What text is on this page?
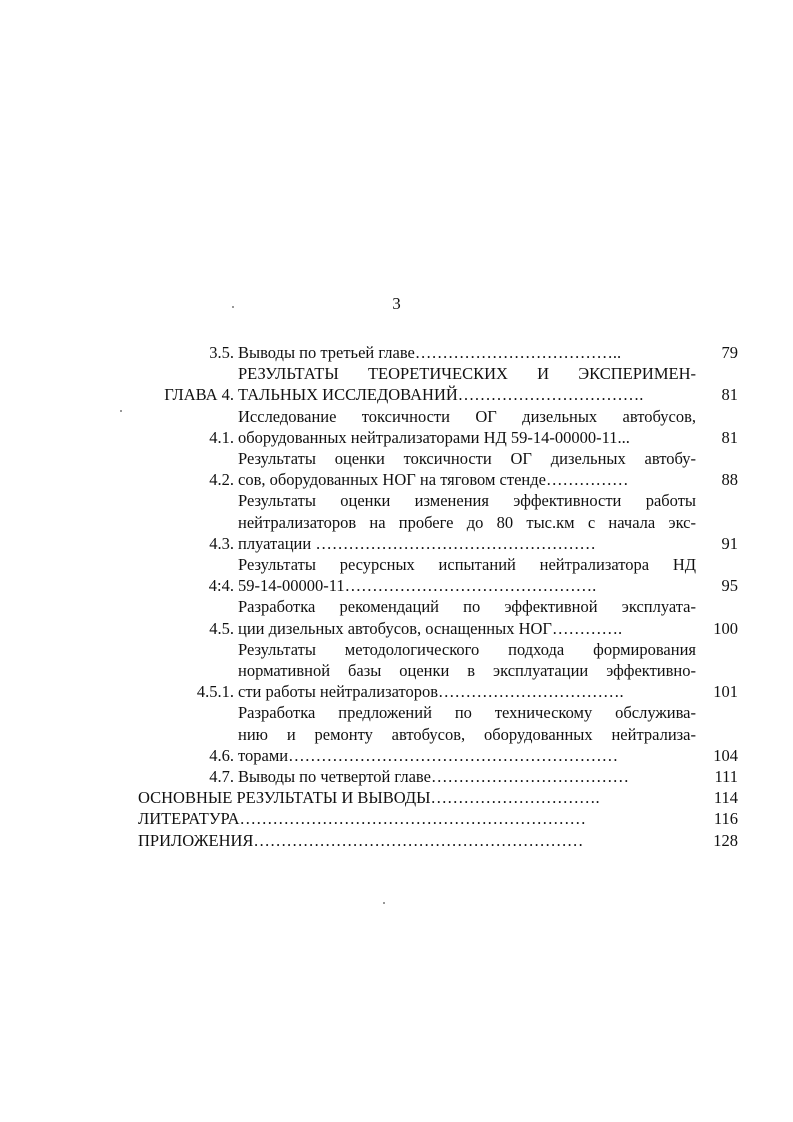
3
3.5. Выводы по третьей главе………………………………..	79
ГЛАВА 4.
РЕЗУЛЬТАТЫ ТЕОРЕТИЧЕСКИХ И ЭКСПЕРИМЕН-
ТАЛЬНЫХ ИССЛЕДОВАНИЙ…………………………….	81
4.1.
Исследование токсичности ОГ дизельных автобусов,
оборудованных нейтрализаторами НД 59-14-00000-11...	81
4.2.
Результаты оценки токсичности ОГ дизельных автобу-
сов, оборудованных НОГ на тяговом стенде……………	88
4.3.
Результаты оценки изменения эффективности работы
нейтрализаторов на пробеге до 80 тыс.км с начала экс-
плуатации ……………………………………………	91
4:4.
Результаты ресурсных испытаний нейтрализатора НД
59-14-00000-11……………………………………….	95
4.5.
Разработка рекомендаций по эффективной эксплуата-
ции дизельных автобусов, оснащенных НОГ………….	100
4.5.1.
Результаты методологического подхода формирования
нормативной базы оценки в эксплуатации эффективно-
сти работы нейтрализаторов…………………………….	101
4.6.
Разработка предложений по техническому обслужива-
нию и ремонту автобусов, оборудованных нейтрализа-
торами……………………………………………………	104
4.7. Выводы по четвертой главе………………………………	111
ОСНОВНЫЕ РЕЗУЛЬТАТЫ И ВЫВОДЫ………………………….	114
ЛИТЕРАТУРА………………………………………………………	116
ПРИЛОЖЕНИЯ……………………………………………………	128
